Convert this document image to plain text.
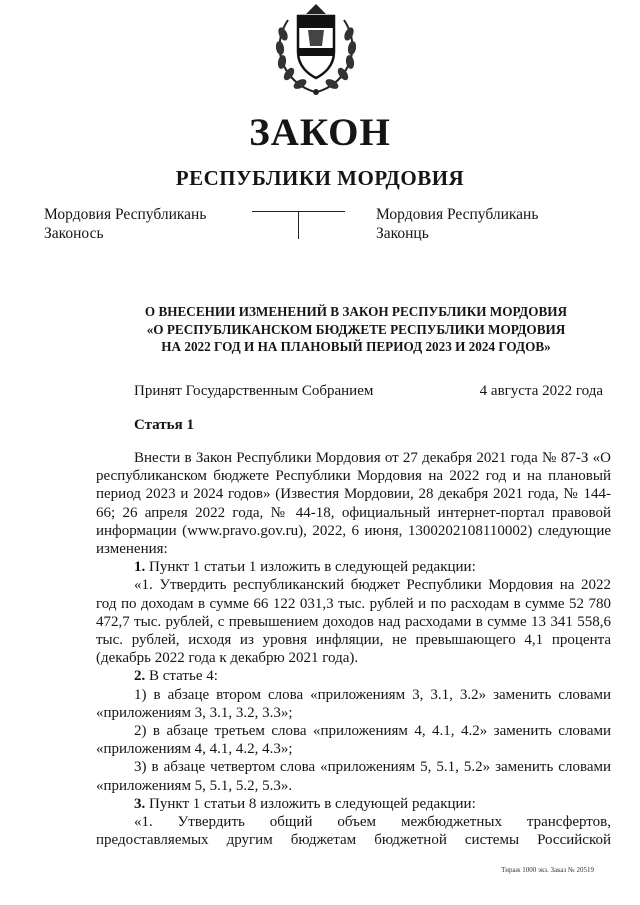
ЗАКОН
РЕСПУБЛИКИ МОРДОВИЯ
Мордовия Республикань
Законось
Мордовия Республикань
Законць
О ВНЕСЕНИИ ИЗМЕНЕНИЙ В ЗАКОН РЕСПУБЛИКИ МОРДОВИЯ
«О РЕСПУБЛИКАНСКОМ БЮДЖЕТЕ РЕСПУБЛИКИ МОРДОВИЯ
НА 2022 ГОД И НА ПЛАНОВЫЙ ПЕРИОД 2023 И 2024 ГОДОВ»
Принят Государственным Собранием	4 августа 2022 года
Статья 1

Внести в Закон Республики Мордовия от 27 декабря 2021 года № 87-З «О республиканском бюджете Республики Мордовия на 2022 год и на плановый период 2023 и 2024 годов» (Известия Мордовии, 28 декабря 2021 года, № 144-66; 26 апреля 2022 года, № 44-18, официальный интернет-портал правовой информации (www.pravo.gov.ru), 2022, 6 июня, 1300202108110002) следующие изменения:

1. Пункт 1 статьи 1 изложить в следующей редакции:

«1. Утвердить республиканский бюджет Республики Мордовия на 2022 год по доходам в сумме 66 122 031,3 тыс. рублей и по расходам в сумме 52 780 472,7 тыс. рублей, с превышением доходов над расходами в сумме 13 341 558,6 тыс. рублей, исходя из уровня инфляции, не превышающего 4,1 процента (декабрь 2022 года к декабрю 2021 года).

2. В статье 4:

1) в абзаце втором слова «приложениям 3, 3.1, 3.2» заменить словами «приложениям 3, 3.1, 3.2, 3.3»;

2) в абзаце третьем слова «приложениям 4, 4.1, 4.2» заменить словами «приложениям 4, 4.1, 4.2, 4.3»;

3) в абзаце четвертом слова «приложениям 5, 5.1, 5.2» заменить словами «приложениям 5, 5.1, 5.2, 5.3».

3. Пункт 1 статьи 8 изложить в следующей редакции:

«1. Утвердить общий объем межбюджетных трансфертов, предоставляемых другим бюджетам бюджетной системы Российской

Тираж 1000 экз. Заказ № 20519
